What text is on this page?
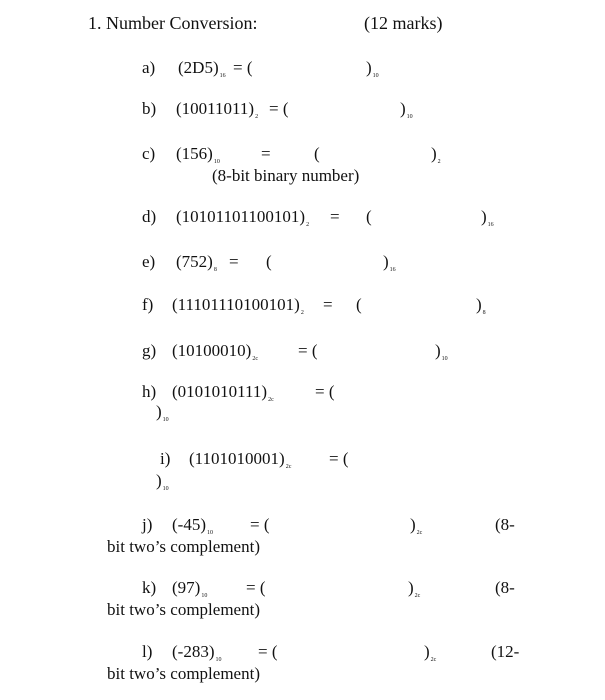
1. Number Conversion:	(12 marks)
a) $(2D5)_{16}$ = (	)$_{10}$
b) $(10011011)_2$ = (	)$_{10}$
c) $(156)_{10}$ =	(	)$_2$
(8-bit binary number)
d) $(10101101100101)_2$ = (	)$_{16}$
e) $(752)_8$ = (	)$_{16}$
f) $(11101110100101)_2$ = (	)$_8$
g) $(10100010)_{2c}$ = (	)$_{10}$
h) $(0101010111)_{2c}$ = (
)$_{10}$
i) $(1101010001)_{2c}$ = (
)$_{10}$
j) $(-45)_{10}$ = (	)$_{2c}$	(8-
bit two’s complement)
k) $(97)_{10}$ = (	)$_{2c}$	(8-
bit two’s complement)
l) $(-283)_{10}$ = (	)$_{2c}$	(12-
bit two’s complement)
